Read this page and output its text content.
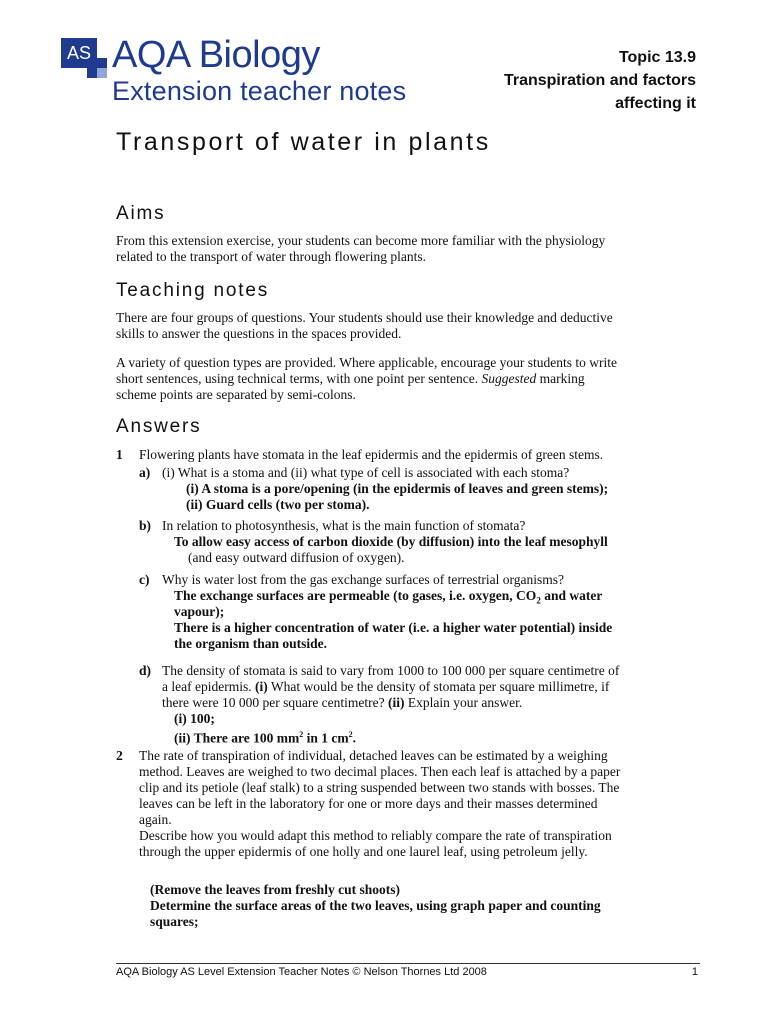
AS AQA Biology
Extension teacher notes
Topic 13.9
Transpiration and factors
affecting it
Transport of water in plants
Aims
From this extension exercise, your students can become more familiar with the physiology
related to the transport of water through flowering plants.
Teaching notes
There are four groups of questions. Your students should use their knowledge and deductive
skills to answer the questions in the spaces provided.
A variety of question types are provided. Where applicable, encourage your students to write
short sentences, using technical terms, with one point per sentence. Suggested marking
scheme points are separated by semi-colons.
Answers
1 Flowering plants have stomata in the leaf epidermis and the epidermis of green stems.
a) (i) What is a stoma and (ii) what type of cell is associated with each stoma?
(i) A stoma is a pore/opening (in the epidermis of leaves and green stems);
(ii) Guard cells (two per stoma).
b) In relation to photosynthesis, what is the main function of stomata?
To allow easy access of carbon dioxide (by diffusion) into the leaf mesophyll
(and easy outward diffusion of oxygen).
c) Why is water lost from the gas exchange surfaces of terrestrial organisms?
The exchange surfaces are permeable (to gases, i.e. oxygen, $CO_2$ and water
vapour);
There is a higher concentration of water (i.e. a higher water potential) inside
the organism than outside.
d) The density of stomata is said to vary from 1000 to 100 000 per square centimetre of
a leaf epidermis. (i) What would be the density of stomata per square millimetre, if
there were 10 000 per square centimetre? (ii) Explain your answer.
(i) 100;
(ii) There are 100 $mm^2$ in 1 $cm^2$.
2 The rate of transpiration of individual, detached leaves can be estimated by a weighing
method. Leaves are weighed to two decimal places. Then each leaf is attached by a paper
clip and its petiole (leaf stalk) to a string suspended between two stands with bosses. The
leaves can be left in the laboratory for one or more days and their masses determined
again.
Describe how you would adapt this method to reliably compare the rate of transpiration
through the upper epidermis of one holly and one laurel leaf, using petroleum jelly.
(Remove the leaves from freshly cut shoots)
Determine the surface areas of the two leaves, using graph paper and counting
squares;
AQA Biology AS Level Extension Teacher Notes © Nelson Thornes Ltd 2008	1
